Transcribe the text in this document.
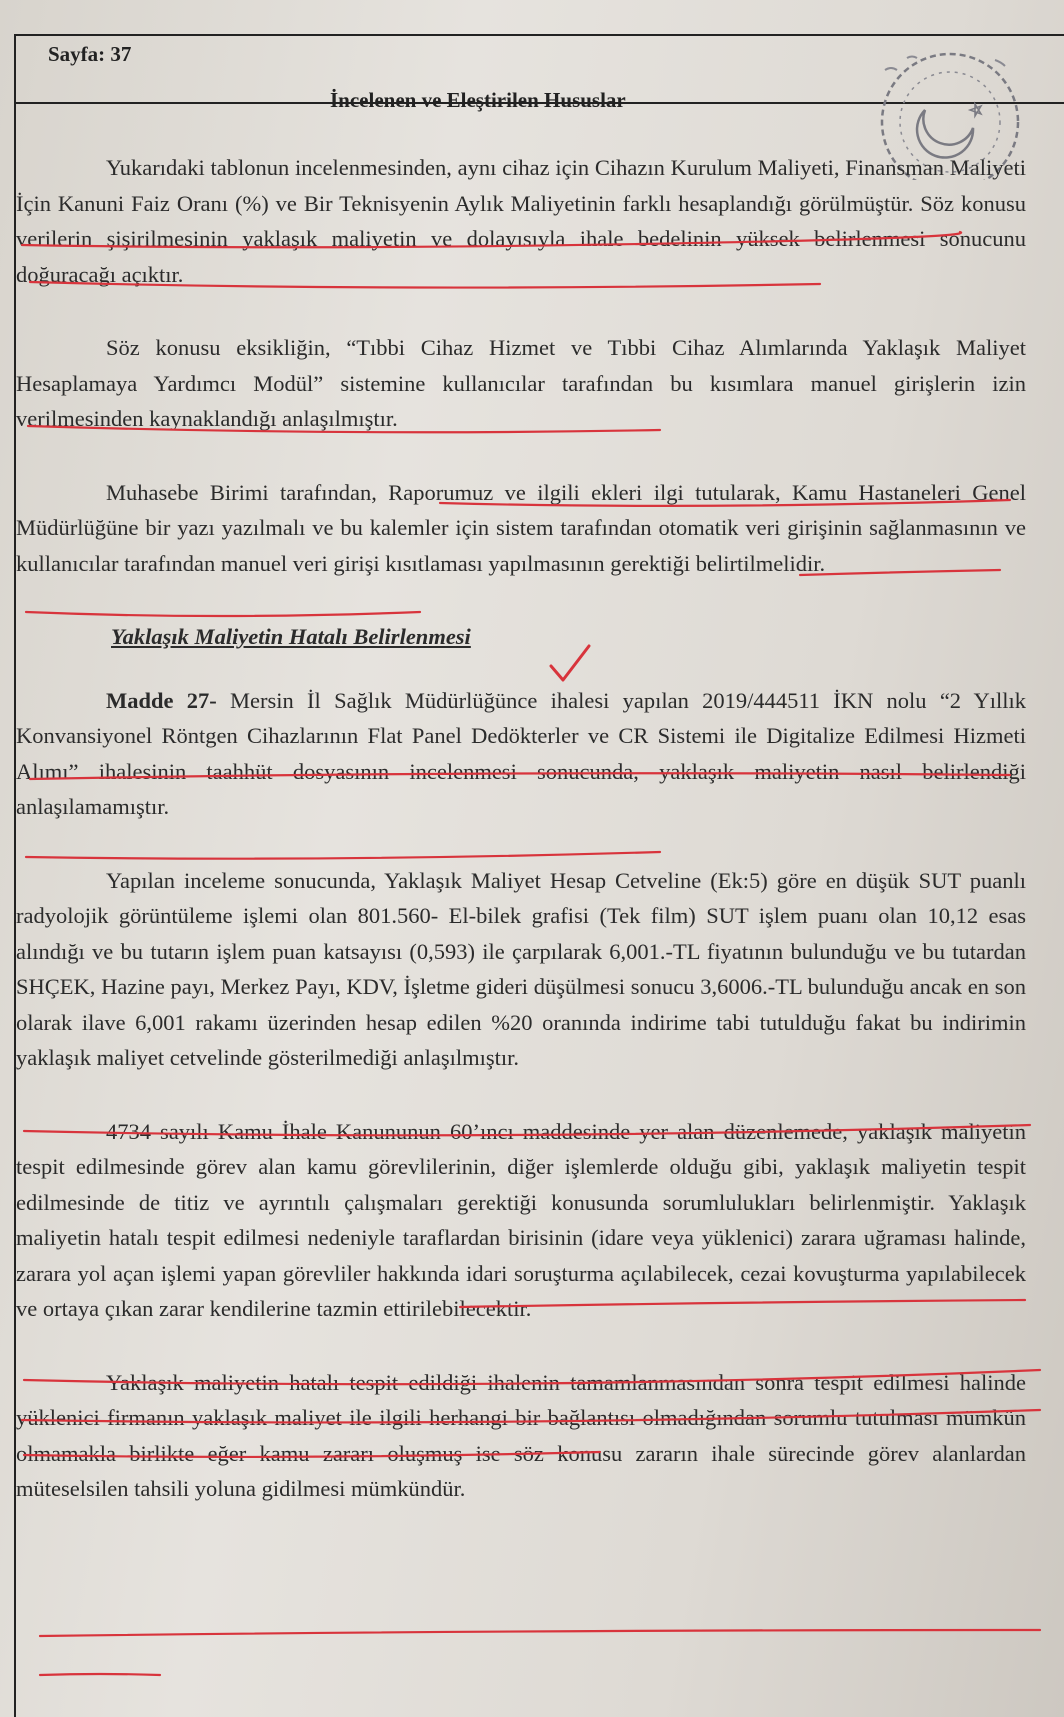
Sayfa: 37
İncelenen ve Eleştirilen Hususlar

Yukarıdaki tablonun incelenmesinden, aynı cihaz için Cihazın Kurulum Maliyeti, Finansman Maliyeti İçin Kanuni Faiz Oranı (%) ve Bir Teknisyenin Aylık Maliyetinin farklı hesaplandığı görülmüştür. Söz konusu verilerin şişirilmesinin yaklaşık maliyetin ve dolayısıyla ihale bedelinin yüksek belirlenmesi sonucunu doğuracağı açıktır.

Söz konusu eksikliğin, “Tıbbi Cihaz Hizmet ve Tıbbi Cihaz Alımlarında Yaklaşık Maliyet Hesaplamaya Yardımcı Modül” sistemine kullanıcılar tarafından bu kısımlara manuel girişlerin izin verilmesinden kaynaklandığı anlaşılmıştır.

Muhasebe Birimi tarafından, Raporumuz ve ilgili ekleri ilgi tutularak, Kamu Hastaneleri Genel Müdürlüğüne bir yazı yazılmalı ve bu kalemler için sistem tarafından otomatik veri girişinin sağlanmasının ve kullanıcılar tarafından manuel veri girişi kısıtlaması yapılmasının gerektiği belirtilmelidir.

Yaklaşık Maliyetin Hatalı Belirlenmesi

Madde 27- Mersin İl Sağlık Müdürlüğünce ihalesi yapılan 2019/444511 İKN nolu “2 Yıllık Konvansiyonel Röntgen Cihazlarının Flat Panel Dedökterler ve CR Sistemi ile Digitalize Edilmesi Hizmeti Alımı” ihalesinin taahhüt dosyasının incelenmesi sonucunda, yaklaşık maliyetin nasıl belirlendiği anlaşılamamıştır.

Yapılan inceleme sonucunda, Yaklaşık Maliyet Hesap Cetveline (Ek:5) göre en düşük SUT puanlı radyolojik görüntüleme işlemi olan 801.560- El-bilek grafisi (Tek film) SUT işlem puanı olan 10,12 esas alındığı ve bu tutarın işlem puan katsayısı (0,593) ile çarpılarak 6,001.-TL fiyatının bulunduğu ve bu tutardan SHÇEK, Hazine payı, Merkez Payı, KDV, İşletme gideri düşülmesi sonucu 3,6006.-TL bulunduğu ancak en son olarak ilave 6,001 rakamı üzerinden hesap edilen %20 oranında indirime tabi tutulduğu fakat bu indirimin yaklaşık maliyet cetvelinde gösterilmediği anlaşılmıştır.

4734 sayılı Kamu İhale Kanununun 60’ıncı maddesinde yer alan düzenlemede, yaklaşık maliyetin tespit edilmesinde görev alan kamu görevlilerinin, diğer işlemlerde olduğu gibi, yaklaşık maliyetin tespit edilmesinde de titiz ve ayrıntılı çalışmaları gerektiği konusunda sorumlulukları belirlenmiştir. Yaklaşık maliyetin hatalı tespit edilmesi nedeniyle taraflardan birisinin (idare veya yüklenici) zarara uğraması halinde, zarara yol açan işlemi yapan görevliler hakkında idari soruşturma açılabilecek, cezai kovuşturma yapılabilecek ve ortaya çıkan zarar kendilerine tazmin ettirilebilecektir.

Yaklaşık maliyetin hatalı tespit edildiği ihalenin tamamlanmasından sonra tespit edilmesi halinde yüklenici firmanın yaklaşık maliyet ile ilgili herhangi bir bağlantısı olmadığından sorumlu tutulması mümkün olmamakla birlikte eğer kamu zararı oluşmuş ise söz konusu zararın ihale sürecinde görev alanlardan müteselsilen tahsili yoluna gidilmesi mümkündür.
